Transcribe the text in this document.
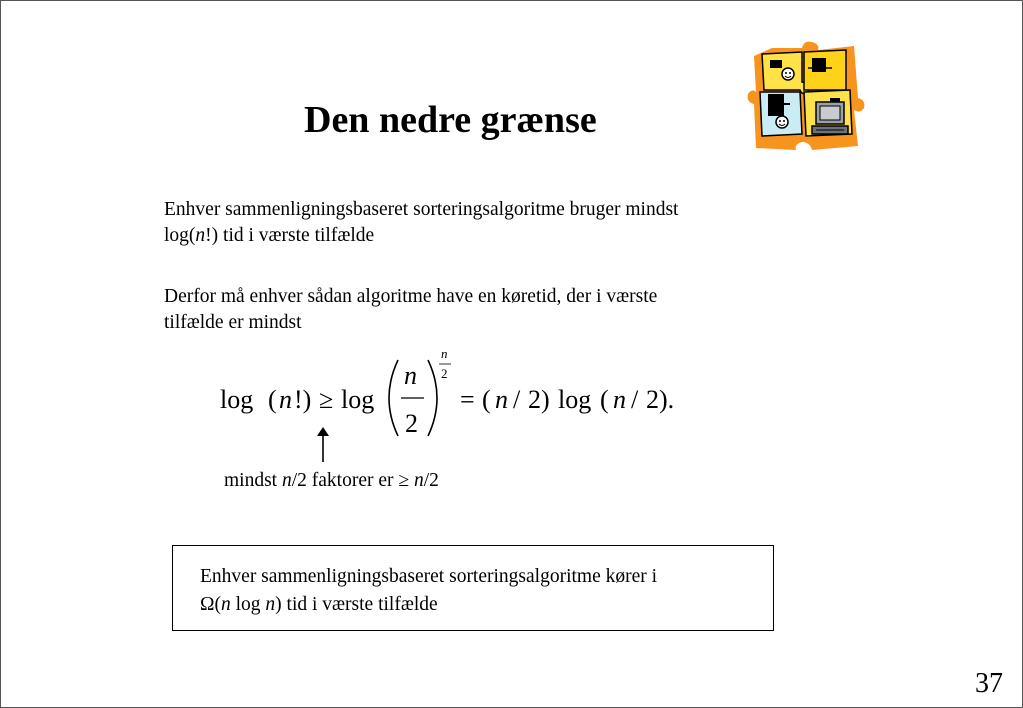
Den nedre grænse
Enhver sammenligningsbaseret sorteringsalgoritme bruger mindst
log(n!) tid i værste tilfælde
Derfor må enhver sådan algoritme have en køretid, der i værste
tilfælde er mindst
log ( n !) ≥ log
n
2
n
2
= ( n / 2) log ( n / 2).
mindst n/2 faktorer er ≥ n/2
Enhver sammenligningsbaseret sorteringsalgoritme kører i
Ω(n log n) tid i værste tilfælde
37
